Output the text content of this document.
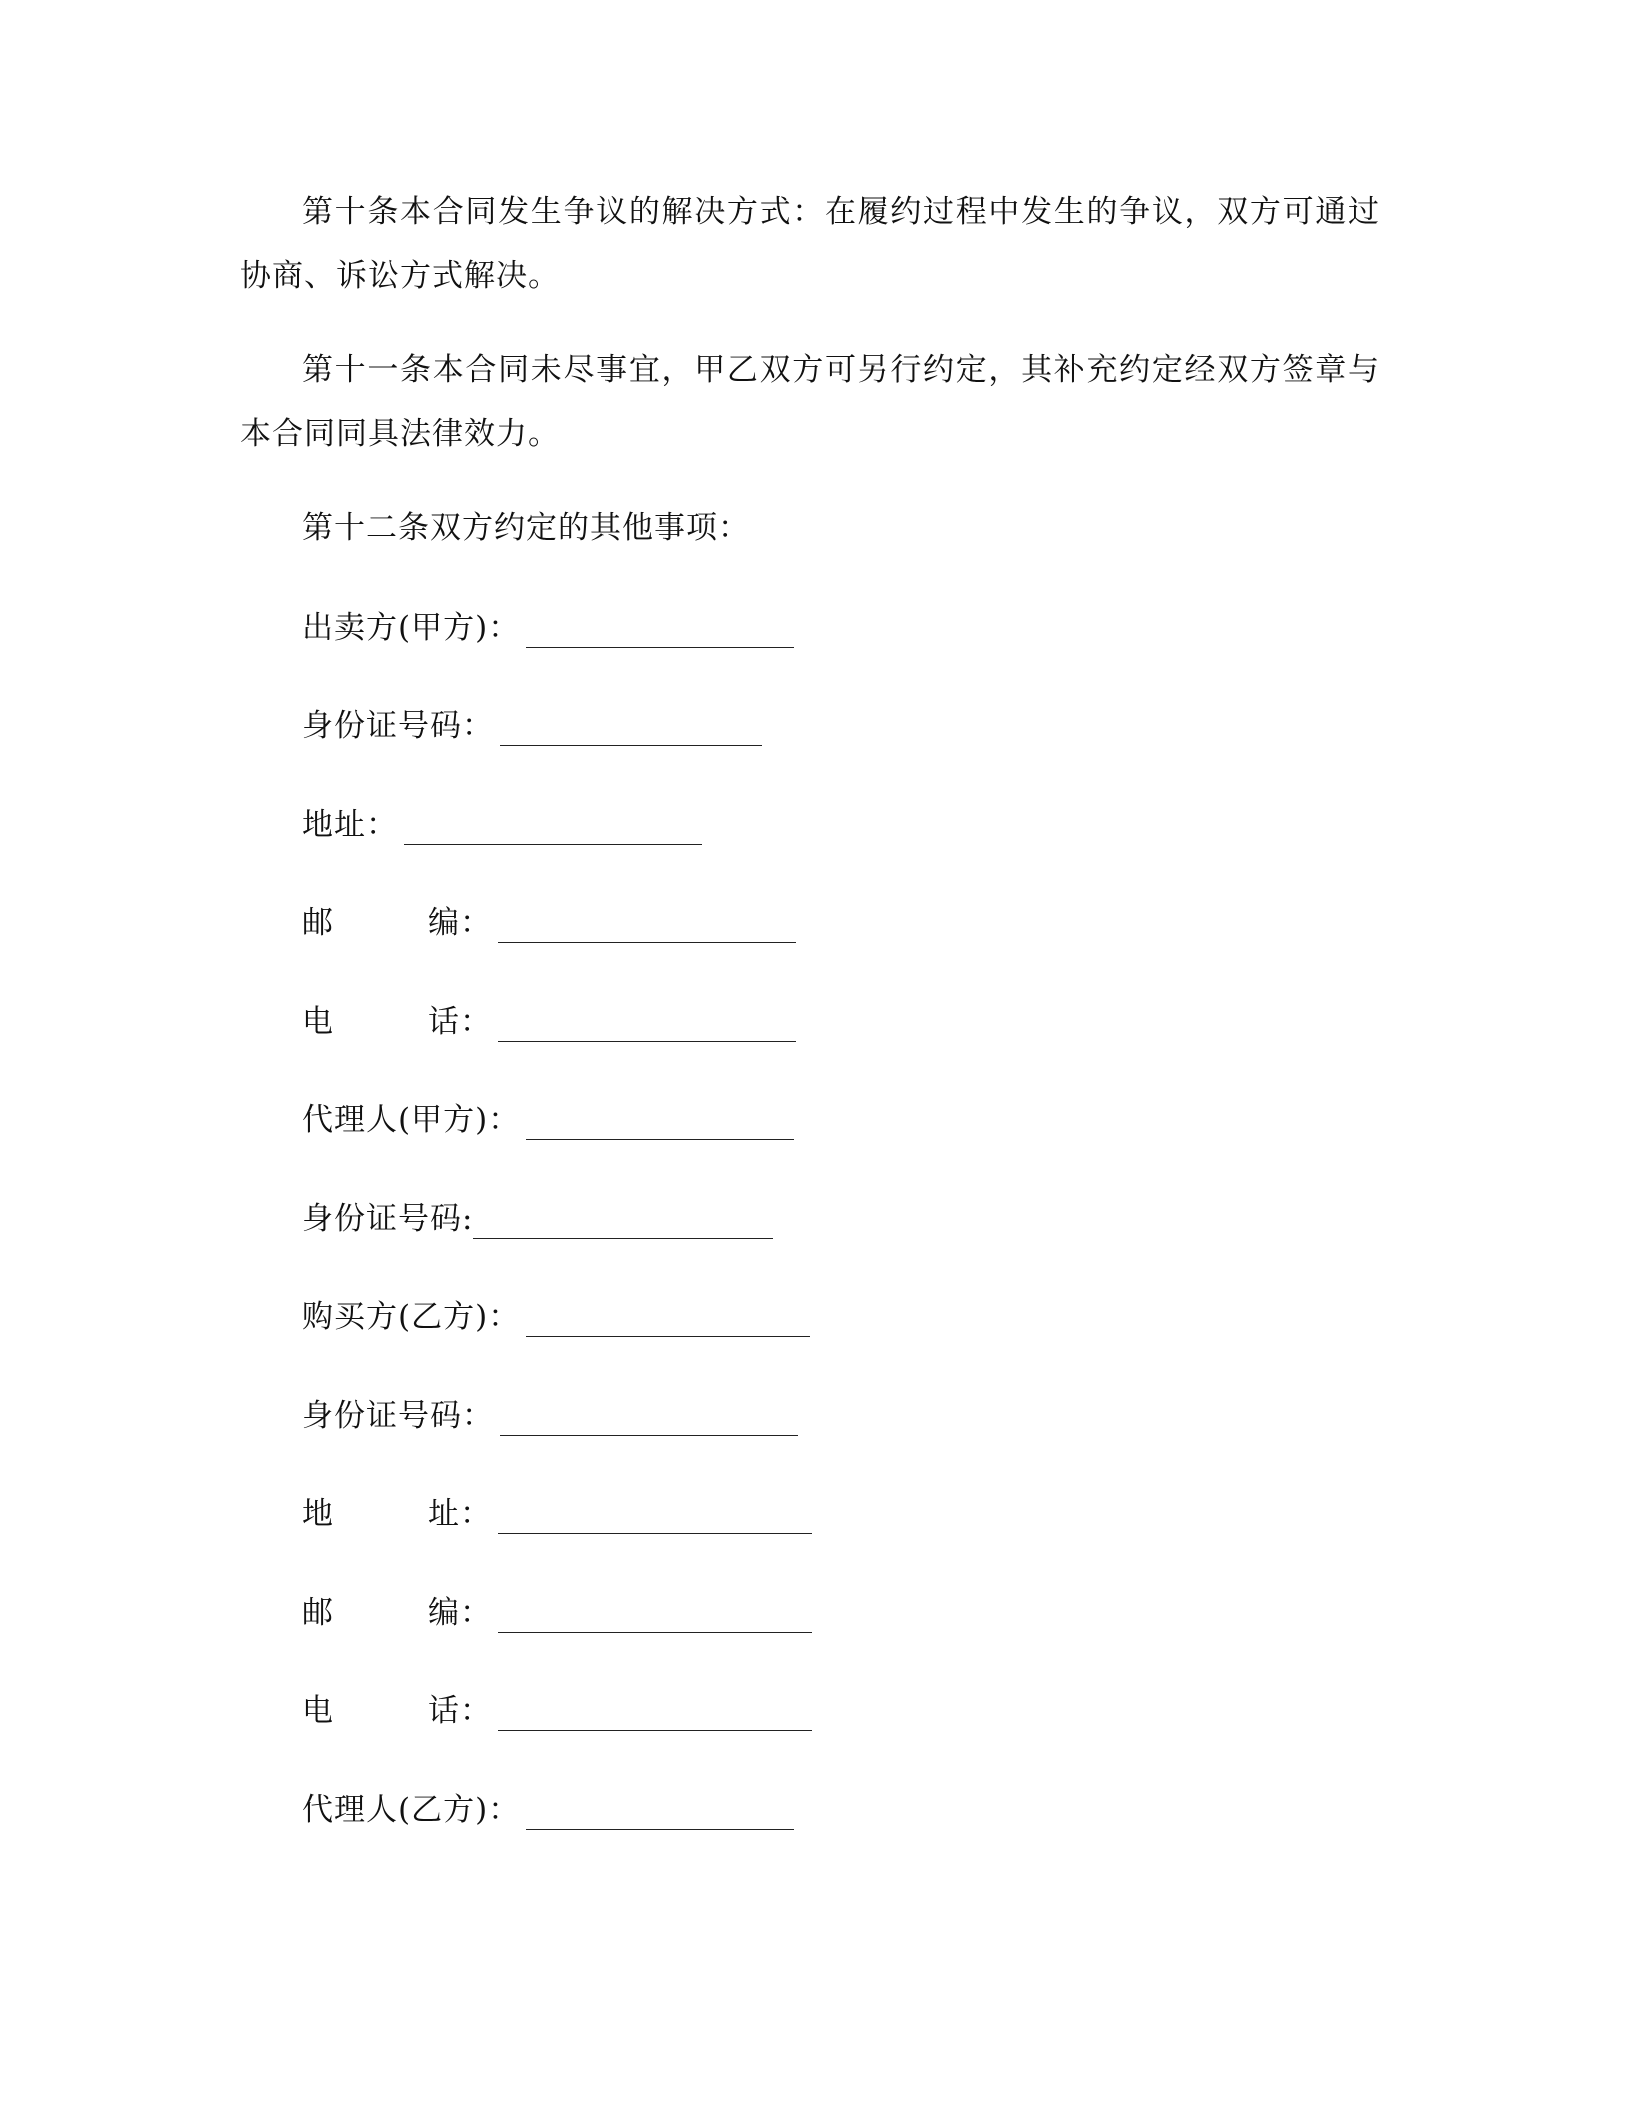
第十条本合同发生争议的解决方式：在履约过程中发生的争议，双方可通过协商、诉讼方式解决。

第十一条本合同未尽事宜，甲乙双方可另行约定，其补充约定经双方签章与本合同同具法律效力。

第十二条双方约定的其他事项：

出卖方(甲方)：
身份证号码：
地址：
邮	编：
电	话：
代理人(甲方)：
身份证号码:
购买方(乙方)：
身份证号码：
地	址：
邮	编：
电	话：
代理人(乙方)：
